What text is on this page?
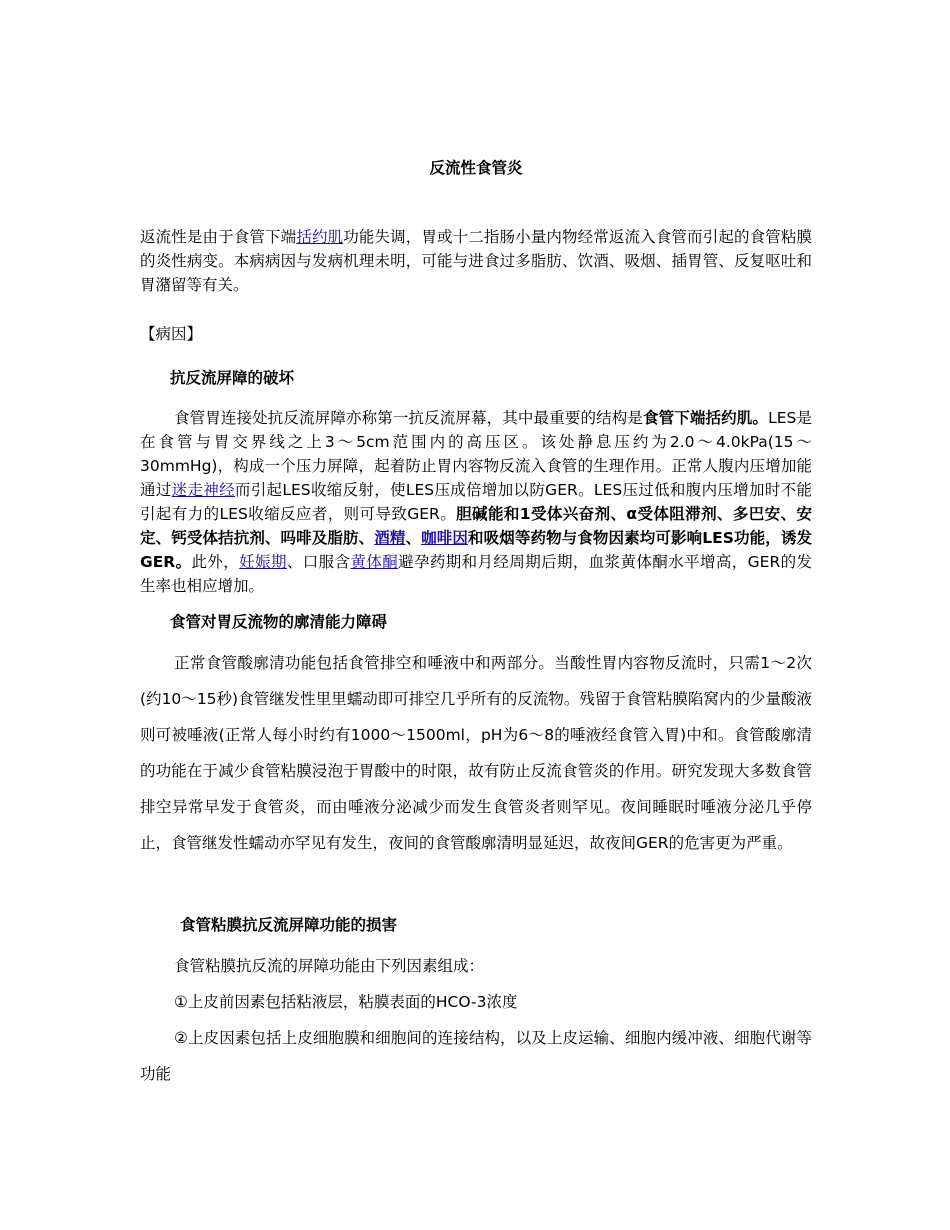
反流性食管炎
返流性是由于食管下端括约肌功能失调，胃或十二指肠小量内物经常返流入食管而引起的食管粘膜的炎性病变。本病病因与发病机理未明，可能与进食过多脂肪、饮酒、吸烟、插胃管、反复呕吐和胃潴留等有关。
【病因】
抗反流屏障的破坏
食管胃连接处抗反流屏障亦称第一抗反流屏幕，其中最重要的结构是食管下端括约肌。LES是在食管与胃交界线之上3～5cm范围内的高压区。该处静息压约为2.0～4.0kPa(15～30mmHg)，构成一个压力屏障，起着防止胃内容物反流入食管的生理作用。正常人腹内压增加能通过迷走神经而引起LES收缩反射，使LES压成倍增加以防GER。LES压过低和腹内压增加时不能引起有力的LES收缩反应者，则可导致GER。胆碱能和1受体兴奋剂、α受体阻滞剂、多巴安、安定、钙受体拮抗剂、吗啡及脂肪、酒精、咖啡因和吸烟等药物与食物因素均可影响LES功能，诱发GER。此外，妊娠期、口服含黄体酮避孕药期和月经周期后期，血浆黄体酮水平增高，GER的发生率也相应增加。
食管对胃反流物的廓清能力障碍
正常食管酸廓清功能包括食管排空和唾液中和两部分。当酸性胃内容物反流时，只需1～2次(约10～15秒)食管继发性里里蠕动即可排空几乎所有的反流物。残留于食管粘膜陷窝内的少量酸液则可被唾液(正常人每小时约有1000～1500ml，pH为6～8的唾液经食管入胃)中和。食管酸廓清的功能在于减少食管粘膜浸泡于胃酸中的时限，故有防止反流食管炎的作用。研究发现大多数食管排空异常早发于食管炎，而由唾液分泌减少而发生食管炎者则罕见。夜间睡眠时唾液分泌几乎停止，食管继发性蠕动亦罕见有发生，夜间的食管酸廓清明显延迟，故夜间GER的危害更为严重。
食管粘膜抗反流屏障功能的损害
食管粘膜抗反流的屏障功能由下列因素组成：
①上皮前因素包括粘液层，粘膜表面的HCO-3浓度
②上皮因素包括上皮细胞膜和细胞间的连接结构，以及上皮运输、细胞内缓冲液、细胞代谢等功能
